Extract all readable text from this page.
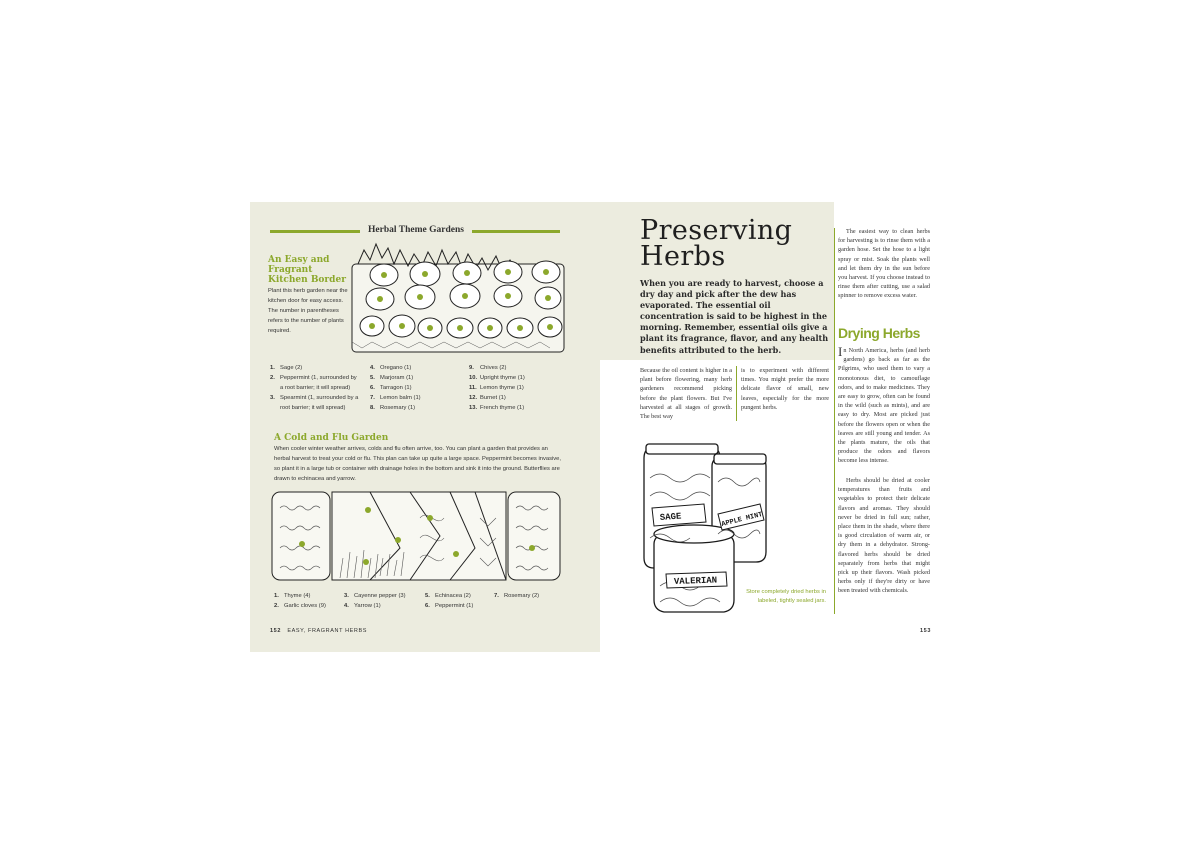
Herbal Theme Gardens
An Easy and Fragrant Kitchen Border
Plant this herb garden near the kitchen door for easy access. The number in parentheses refers to the number of plants required.
1. Sage (2)
2. Peppermint (1, surrounded by a root barrier; it will spread)
3. Spearmint (1, surrounded by a root barrier; it will spread)
4. Oregano (1)
5. Marjoram (1)
6. Tarragon (1)
7. Lemon balm (1)
8. Rosemary (1)
9.	Chives (2)
10. Upright thyme (1)
11. Lemon thyme (1)
12. Burnet (1)
13. French thyme (1)
A Cold and Flu Garden
When cooler winter weather arrives, colds and flu often arrive, too. You can plant a garden that provides an herbal harvest to treat your cold or flu. This plan can take up quite a large space. Peppermint becomes invasive, so plant it in a large tub or container with drainage holes in the bottom and sink it into the ground. Butterflies are drawn to echinacea and yarrow.
1. Thyme (4)
2. Garlic cloves (9)
3. Cayenne pepper (3)
4. Yarrow (1)
5. Echinacea (2)
6. Peppermint (1)
7. Rosemary (2)
152 EASY, FRAGRANT HERBS
Preserving
Herbs
When you are ready to harvest, choose a dry day and pick after the dew has evaporated. The essential oil concentration is said to be highest in the morning. Remember, essential oils give a plant its fragrance, flavor, and any health benefits attributed to the herb.
Because the oil content is higher in a plant before flowering, many herb gardeners recommend picking before the plant flowers. But I've harvested at all stages of growth. The best way
is to experiment with different times. You might prefer the more delicate flavor of small, new leaves, especially for the more pungent herbs.
The easiest way to clean herbs for harvesting is to rinse them with a garden hose. Set the hose to a light spray or mist. Soak the plants well and let them dry in the sun before you harvest. If you choose instead to rinse them after cutting, use a salad spinner to remove excess water.
Drying Herbs
In North America, herbs (and herb gardens) go back as far as the Pilgrims, who used them to vary a monotonous diet, to camouflage odors, and to make medicines. They are easy to grow, often can be found in the wild (such as mints), and are easy to dry. Most are picked just before the flowers open or when the leaves are still young and tender. As the plants mature, the oils that produce the odors and flavors become less intense.
Herbs should be dried at cooler temperatures than fruits and vegetables to protect their delicate flavors and aromas. They should never be dried in full sun; rather, place them in the shade, where there is good circulation of warm air, or dry them in a dehydrator. Strong-flavored herbs should be dried separately from herbs that might pick up their flavors. Wash picked herbs only if they're dirty or have been treated with chemicals.
SAGE	APPLE MINT
VALERIAN
Store completely dried herbs in labeled, tightly sealed jars.
153
